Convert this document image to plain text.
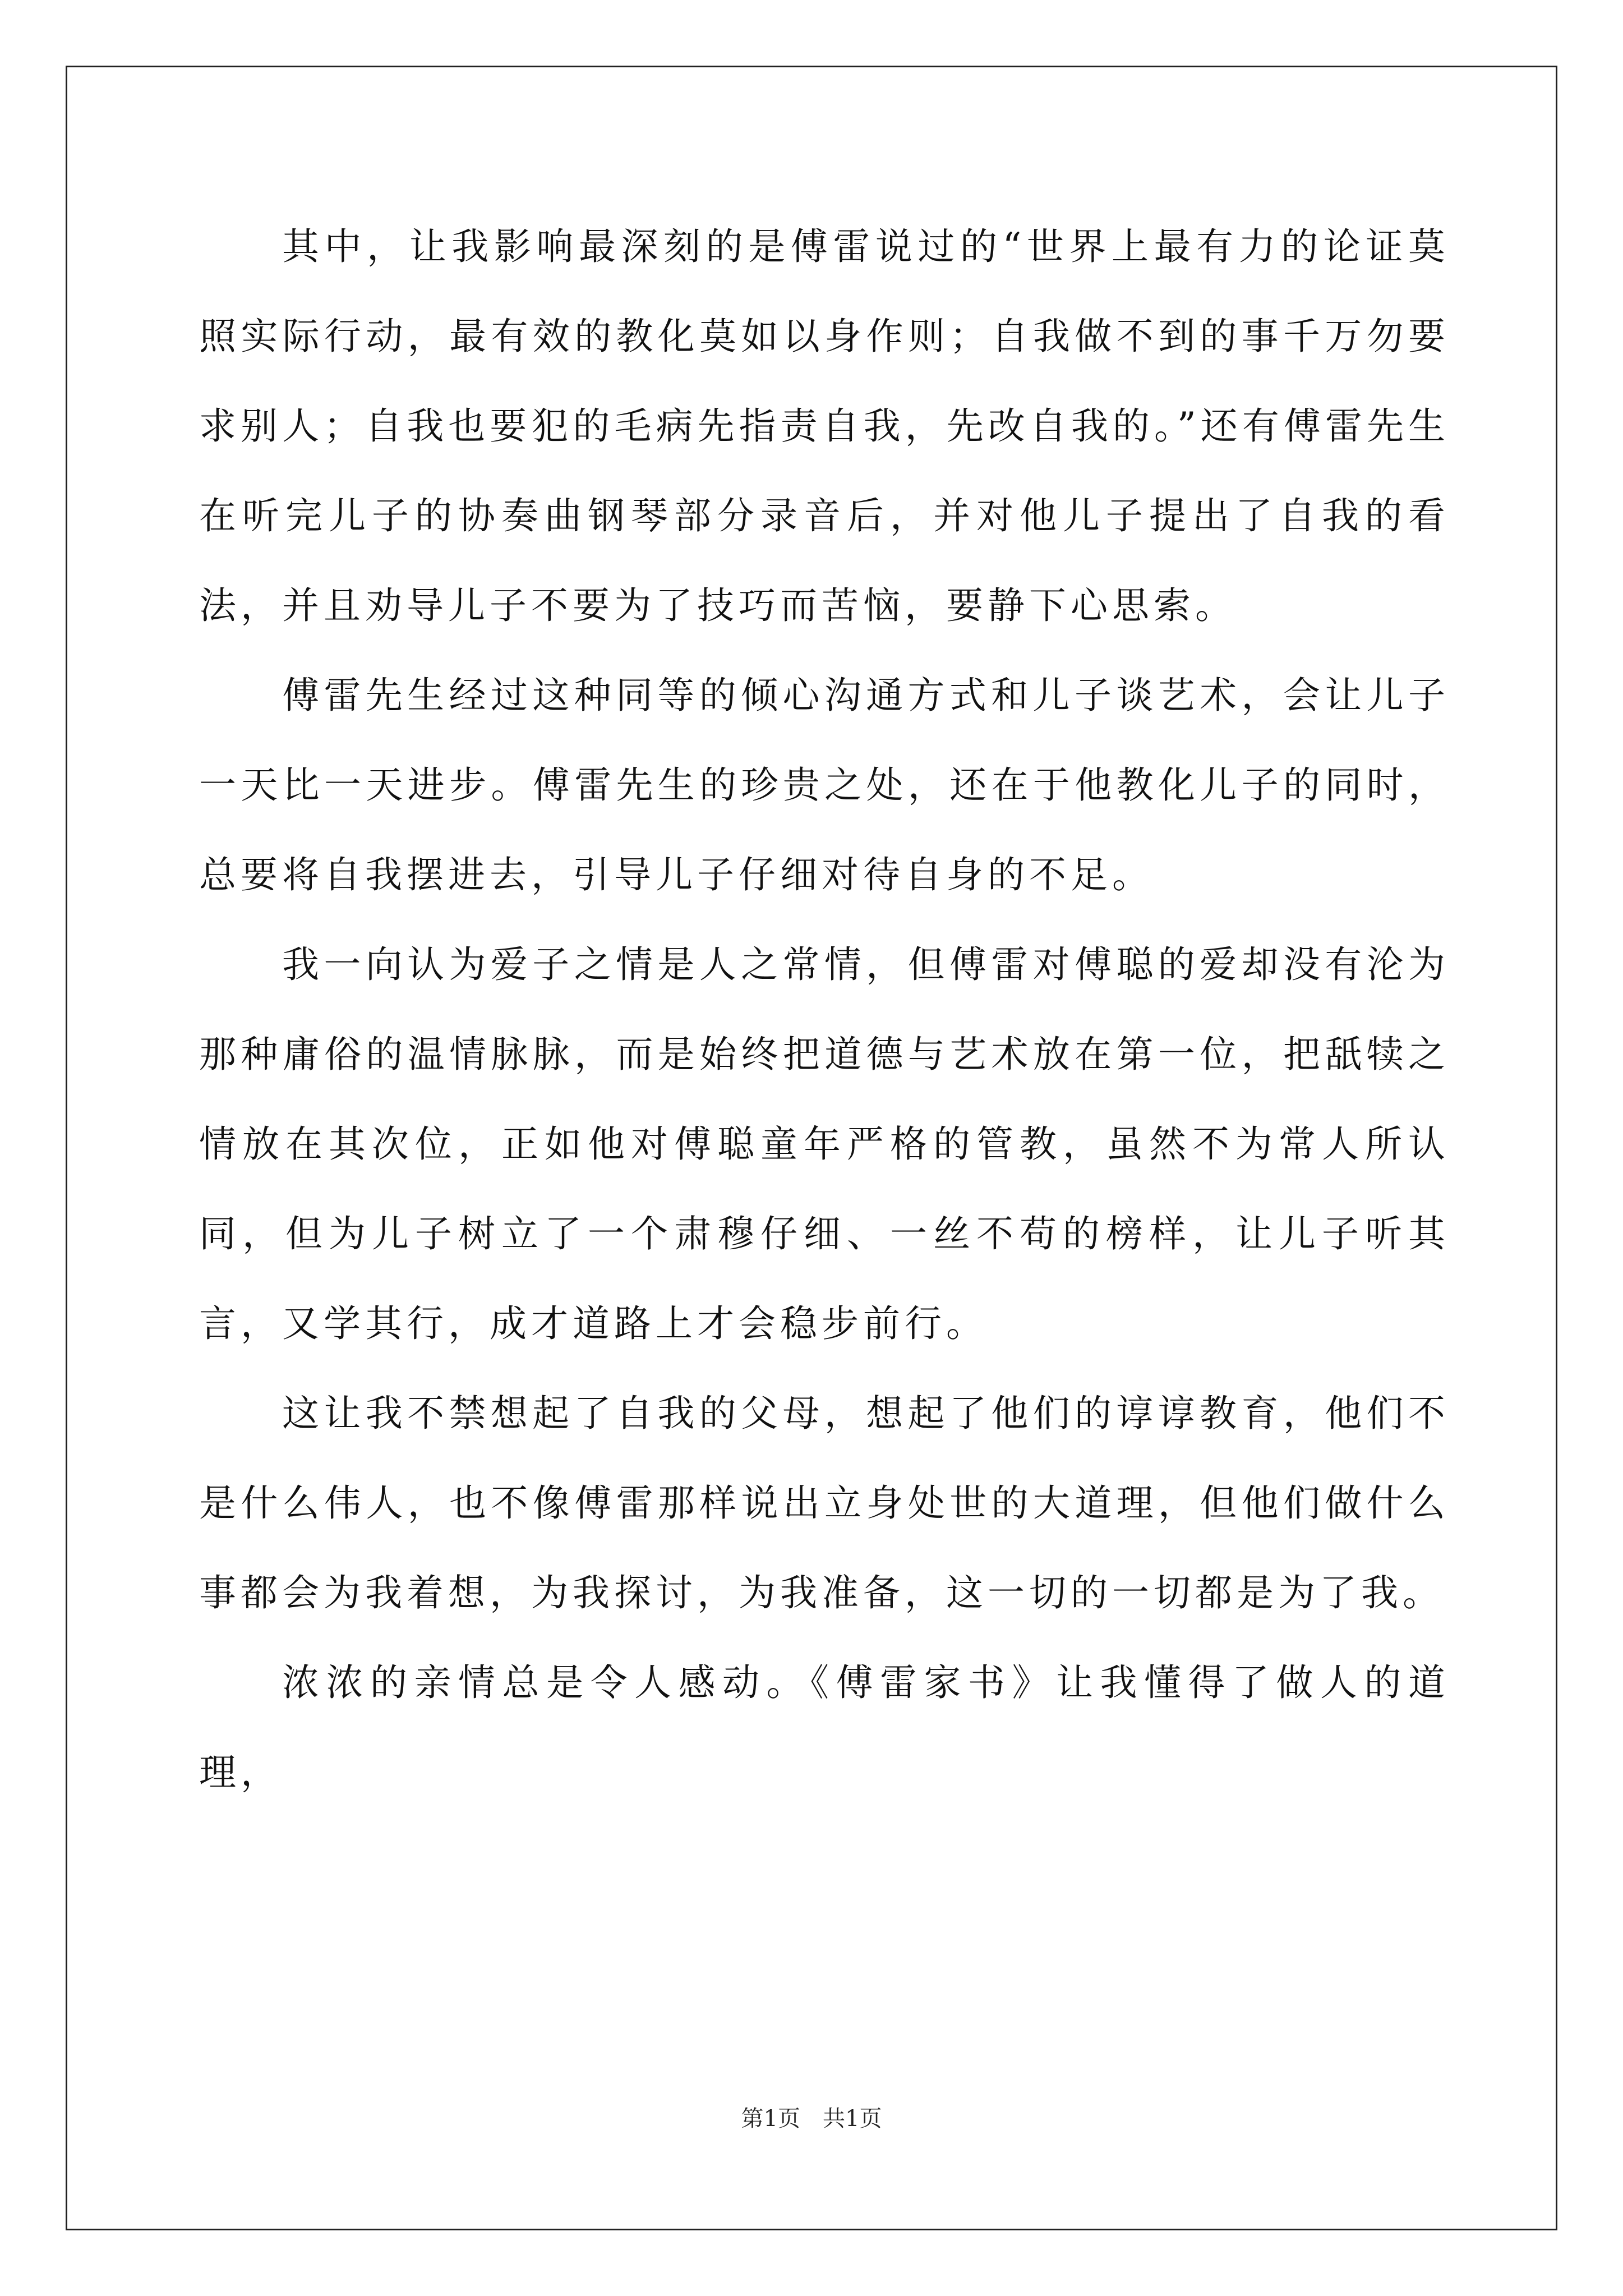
其中，让我影响最深刻的是傅雷说过的“世界上最有力的论证莫照实际行动，最有效的教化莫如以身作则；自我做不到的事千万勿要求别人；自我也要犯的毛病先指责自我，先改自我的。”还有傅雷先生在听完儿子的协奏曲钢琴部分录音后，并对他儿子提出了自我的看法，并且劝导儿子不要为了技巧而苦恼，要静下心思索。

傅雷先生经过这种同等的倾心沟通方式和儿子谈艺术，会让儿子一天比一天进步。傅雷先生的珍贵之处，还在于他教化儿子的同时，总要将自我摆进去，引导儿子仔细对待自身的不足。

我一向认为爱子之情是人之常情，但傅雷对傅聪的爱却没有沦为那种庸俗的温情脉脉，而是始终把道德与艺术放在第一位，把舐犊之情放在其次位，正如他对傅聪童年严格的管教，虽然不为常人所认同，但为儿子树立了一个肃穆仔细、一丝不苟的榜样，让儿子听其言，又学其行，成才道路上才会稳步前行。

这让我不禁想起了自我的父母，想起了他们的谆谆教育，他们不是什么伟人，也不像傅雷那样说出立身处世的大道理，但他们做什么事都会为我着想，为我探讨，为我准备，这一切的一切都是为了我。

浓浓的亲情总是令人感动。《傅雷家书》让我懂得了做人的道理，

第1页 共1页
